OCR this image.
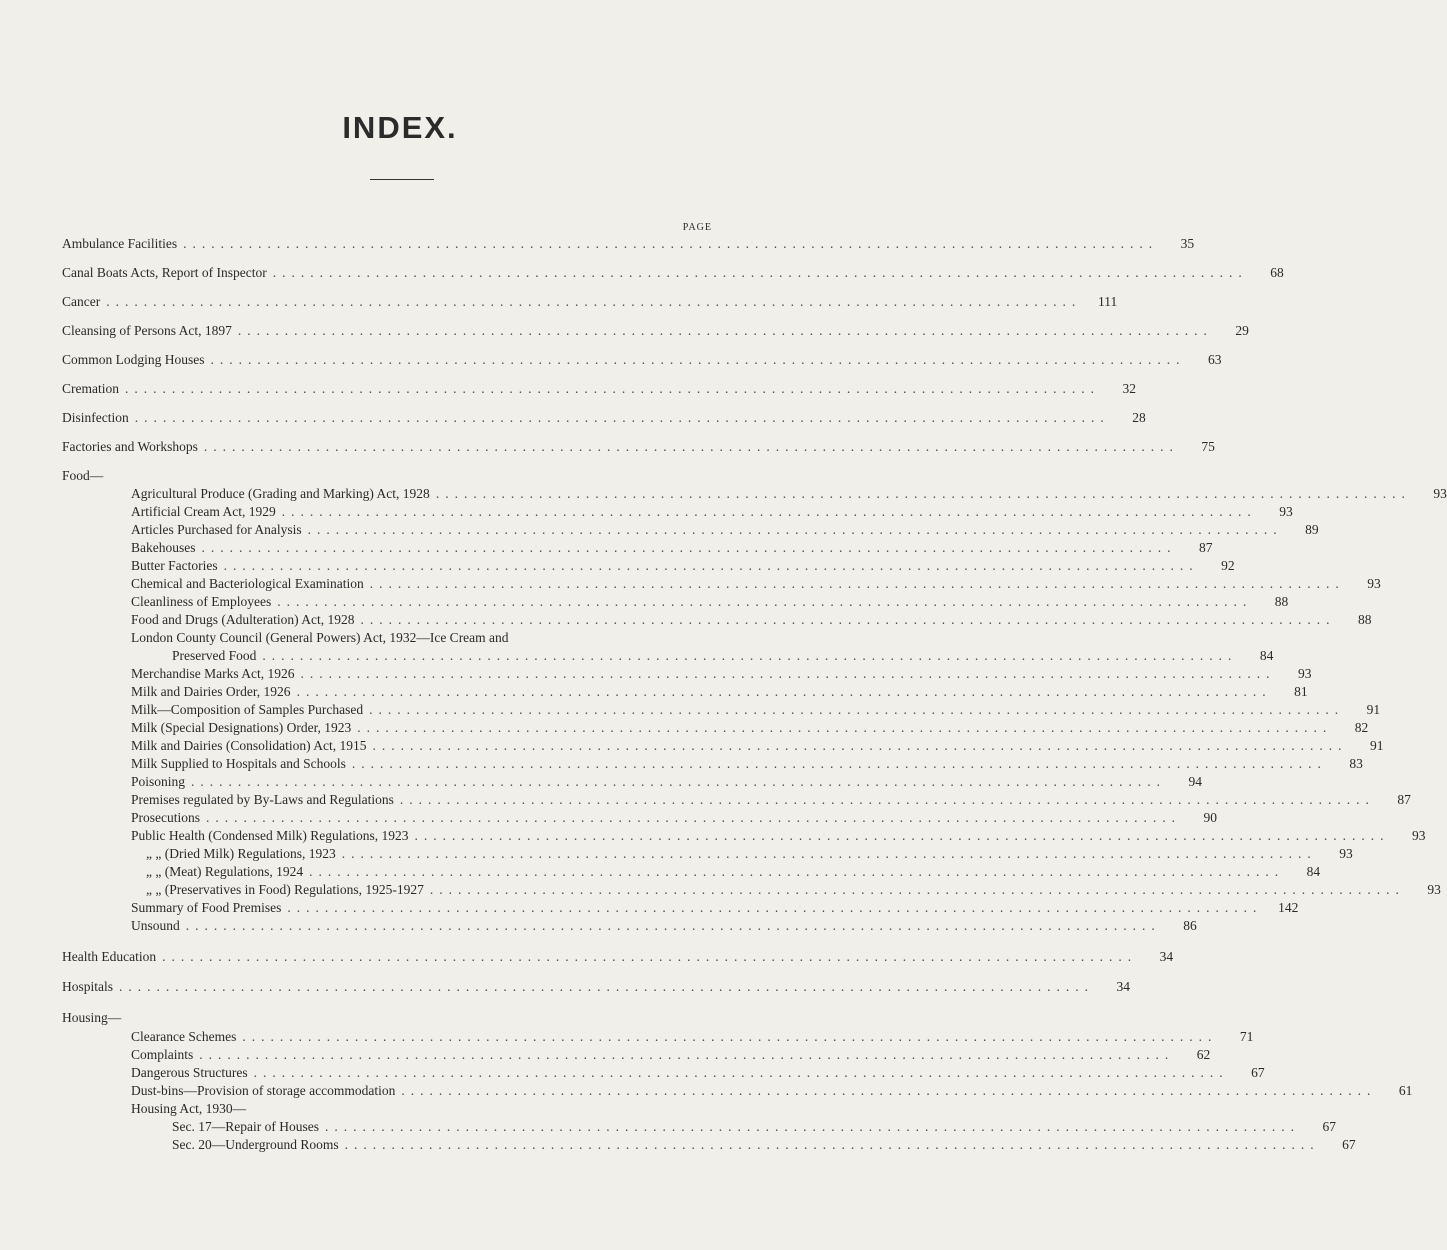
INDEX.
PAGE
Ambulance Facilities ........................................................................................................	35
Canal Boats Acts, Report of Inspector ........................................................................................................	68
Cancer ........................................................................................................	111
Cleansing of Persons Act, 1897 ........................................................................................................	29
Common Lodging Houses ........................................................................................................	63
Cremation ........................................................................................................	32
Disinfection ........................................................................................................	28
Factories and Workshops ........................................................................................................	75
Food—
Agricultural Produce (Grading and Marking) Act, 1928 ........................................................................................................	93
Artificial Cream Act, 1929 ........................................................................................................	93
Articles Purchased for Analysis ........................................................................................................	89
Bakehouses ........................................................................................................	87
Butter Factories ........................................................................................................	92
Chemical and Bacteriological Examination ........................................................................................................	93
Cleanliness of Employees ........................................................................................................	88
Food and Drugs (Adulteration) Act, 1928 ........................................................................................................	88
London County Council (General Powers) Act, 1932—Ice Cream and
Preserved Food ........................................................................................................	84
Merchandise Marks Act, 1926 ........................................................................................................	93
Milk and Dairies Order, 1926 ........................................................................................................	81
Milk—Composition of Samples Purchased ........................................................................................................	91
Milk (Special Designations) Order, 1923 ........................................................................................................	82
Milk and Dairies (Consolidation) Act, 1915 ........................................................................................................	91
Milk Supplied to Hospitals and Schools ........................................................................................................	83
Poisoning ........................................................................................................	94
Premises regulated by By-Laws and Regulations ........................................................................................................	87
Prosecutions ........................................................................................................	90
Public Health (Condensed Milk) Regulations, 1923 ........................................................................................................	93
„ „ (Dried Milk) Regulations, 1923 ........................................................................................................	93
„ „ (Meat) Regulations, 1924 ........................................................................................................	84
„ „ (Preservatives in Food) Regulations, 1925-1927 ........................................................................................................	93
Summary of Food Premises ........................................................................................................	142
Unsound ........................................................................................................	86
Health Education ........................................................................................................	34
Hospitals ........................................................................................................	34
Housing—
Clearance Schemes ........................................................................................................	71
Complaints ........................................................................................................	62
Dangerous Structures ........................................................................................................	67
Dust-bins—Provision of storage accommodation ........................................................................................................	61
Housing Act, 1930—
Sec. 17—Repair of Houses ........................................................................................................	67
Sec. 20—Underground Rooms ........................................................................................................	67
